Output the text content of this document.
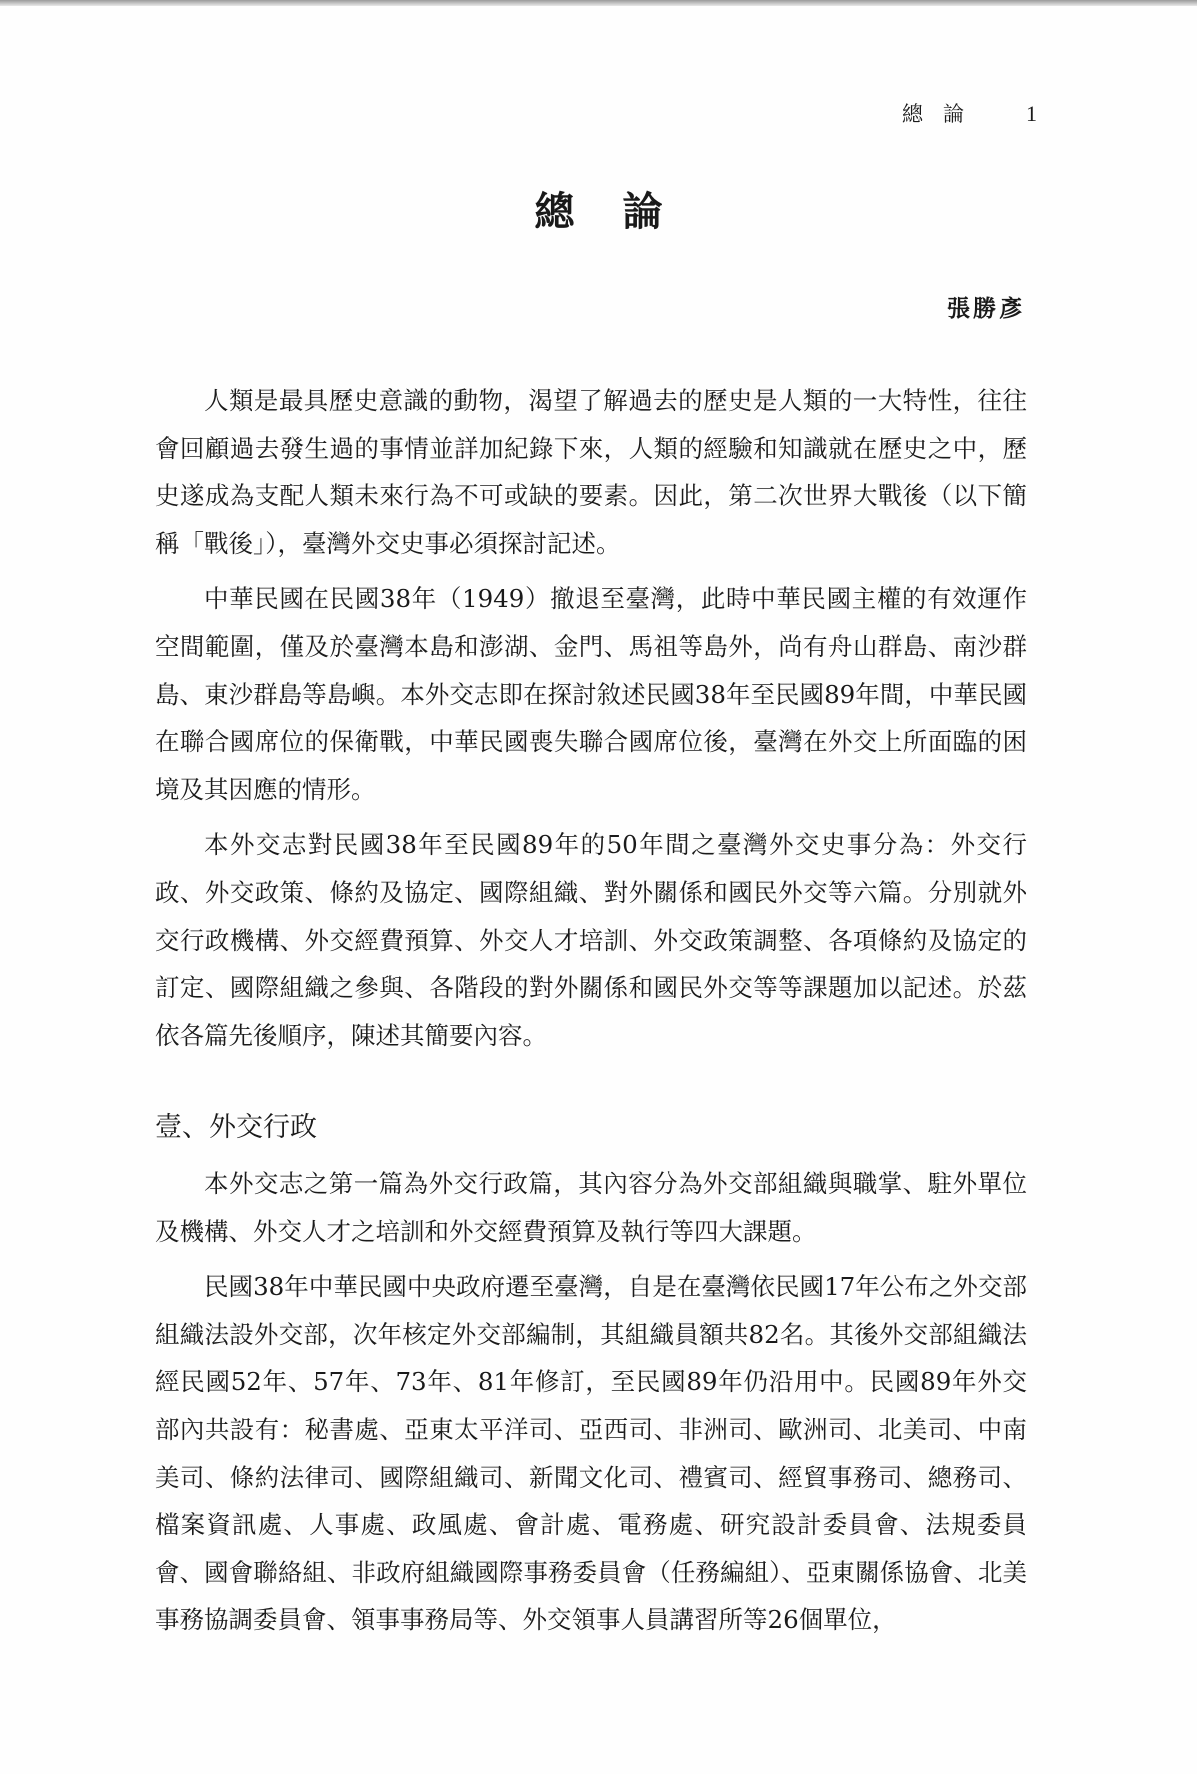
總論 1
總論
張勝彥

人類是最具歷史意識的動物，渴望了解過去的歷史是人類的一大特性，往往會回顧過去發生過的事情並詳加紀錄下來，人類的經驗和知識就在歷史之中，歷史遂成為支配人類未來行為不可或缺的要素。因此，第二次世界大戰後（以下簡稱「戰後」），臺灣外交史事必須探討記述。

中華民國在民國38年（1949）撤退至臺灣，此時中華民國主權的有效運作空間範圍，僅及於臺灣本島和澎湖、金門、馬祖等島外，尚有舟山群島、南沙群島、東沙群島等島嶼。本外交志即在探討敘述民國38年至民國89年間，中華民國在聯合國席位的保衛戰，中華民國喪失聯合國席位後，臺灣在外交上所面臨的困境及其因應的情形。

本外交志對民國38年至民國89年的50年間之臺灣外交史事分為：外交行政、外交政策、條約及協定、國際組織、對外關係和國民外交等六篇。分別就外交行政機構、外交經費預算、外交人才培訓、外交政策調整、各項條約及協定的訂定、國際組織之參與、各階段的對外關係和國民外交等等課題加以記述。於茲依各篇先後順序，陳述其簡要內容。

壹、外交行政

本外交志之第一篇為外交行政篇，其內容分為外交部組織與職掌、駐外單位及機構、外交人才之培訓和外交經費預算及執行等四大課題。

民國38年中華民國中央政府遷至臺灣，自是在臺灣依民國17年公布之外交部組織法設外交部，次年核定外交部編制，其組織員額共82名。其後外交部組織法經民國52年、57年、73年、81年修訂，至民國89年仍沿用中。民國89年外交部內共設有：秘書處、亞東太平洋司、亞西司、非洲司、歐洲司、北美司、中南美司、條約法律司、國際組織司、新聞文化司、禮賓司、經貿事務司、總務司、檔案資訊處、人事處、政風處、會計處、電務處、研究設計委員會、法規委員會、國會聯絡組、非政府組織國際事務委員會（任務編組）、亞東關係協會、北美事務協調委員會、領事事務局等、外交領事人員講習所等26個單位，
